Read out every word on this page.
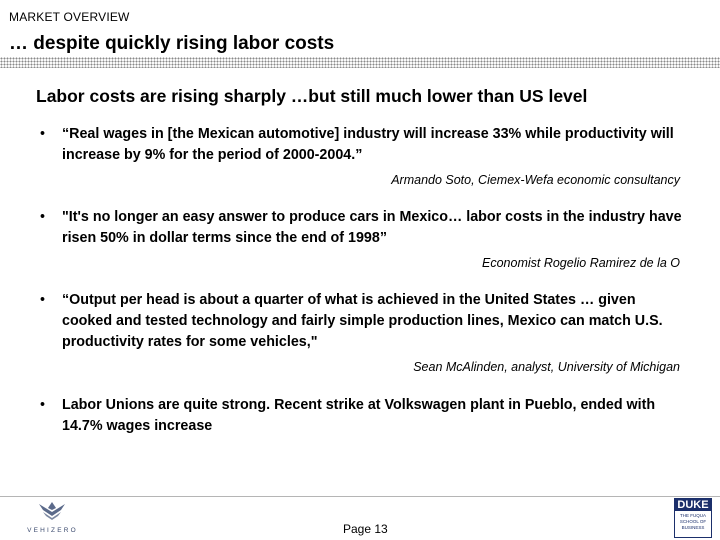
MARKET OVERVIEW
… despite quickly rising labor costs
Labor costs are rising sharply …but still much lower than US level
• “Real wages in [the Mexican automotive] industry will increase 33% while productivity will increase by 9% for the period of 2000-2004.”
Armando Soto, Ciemex-Wefa economic consultancy
• "It's no longer an easy answer to produce cars in Mexico… labor costs in the industry have risen 50% in dollar terms since the end of 1998”
Economist Rogelio Ramirez de la O
• “Output per head is about a quarter of what is achieved in the United States … given cooked and tested technology and fairly simple production lines, Mexico can match U.S. productivity rates for some vehicles,"
Sean McAlinden, analyst, University of Michigan
• Labor Unions are quite strong. Recent strike at Volkswagen plant in Pueblo, ended with 14.7% wages increase
VEHIZERO	Page 13
DUKE
THE FUQUA SCHOOL OF BUSINESS
